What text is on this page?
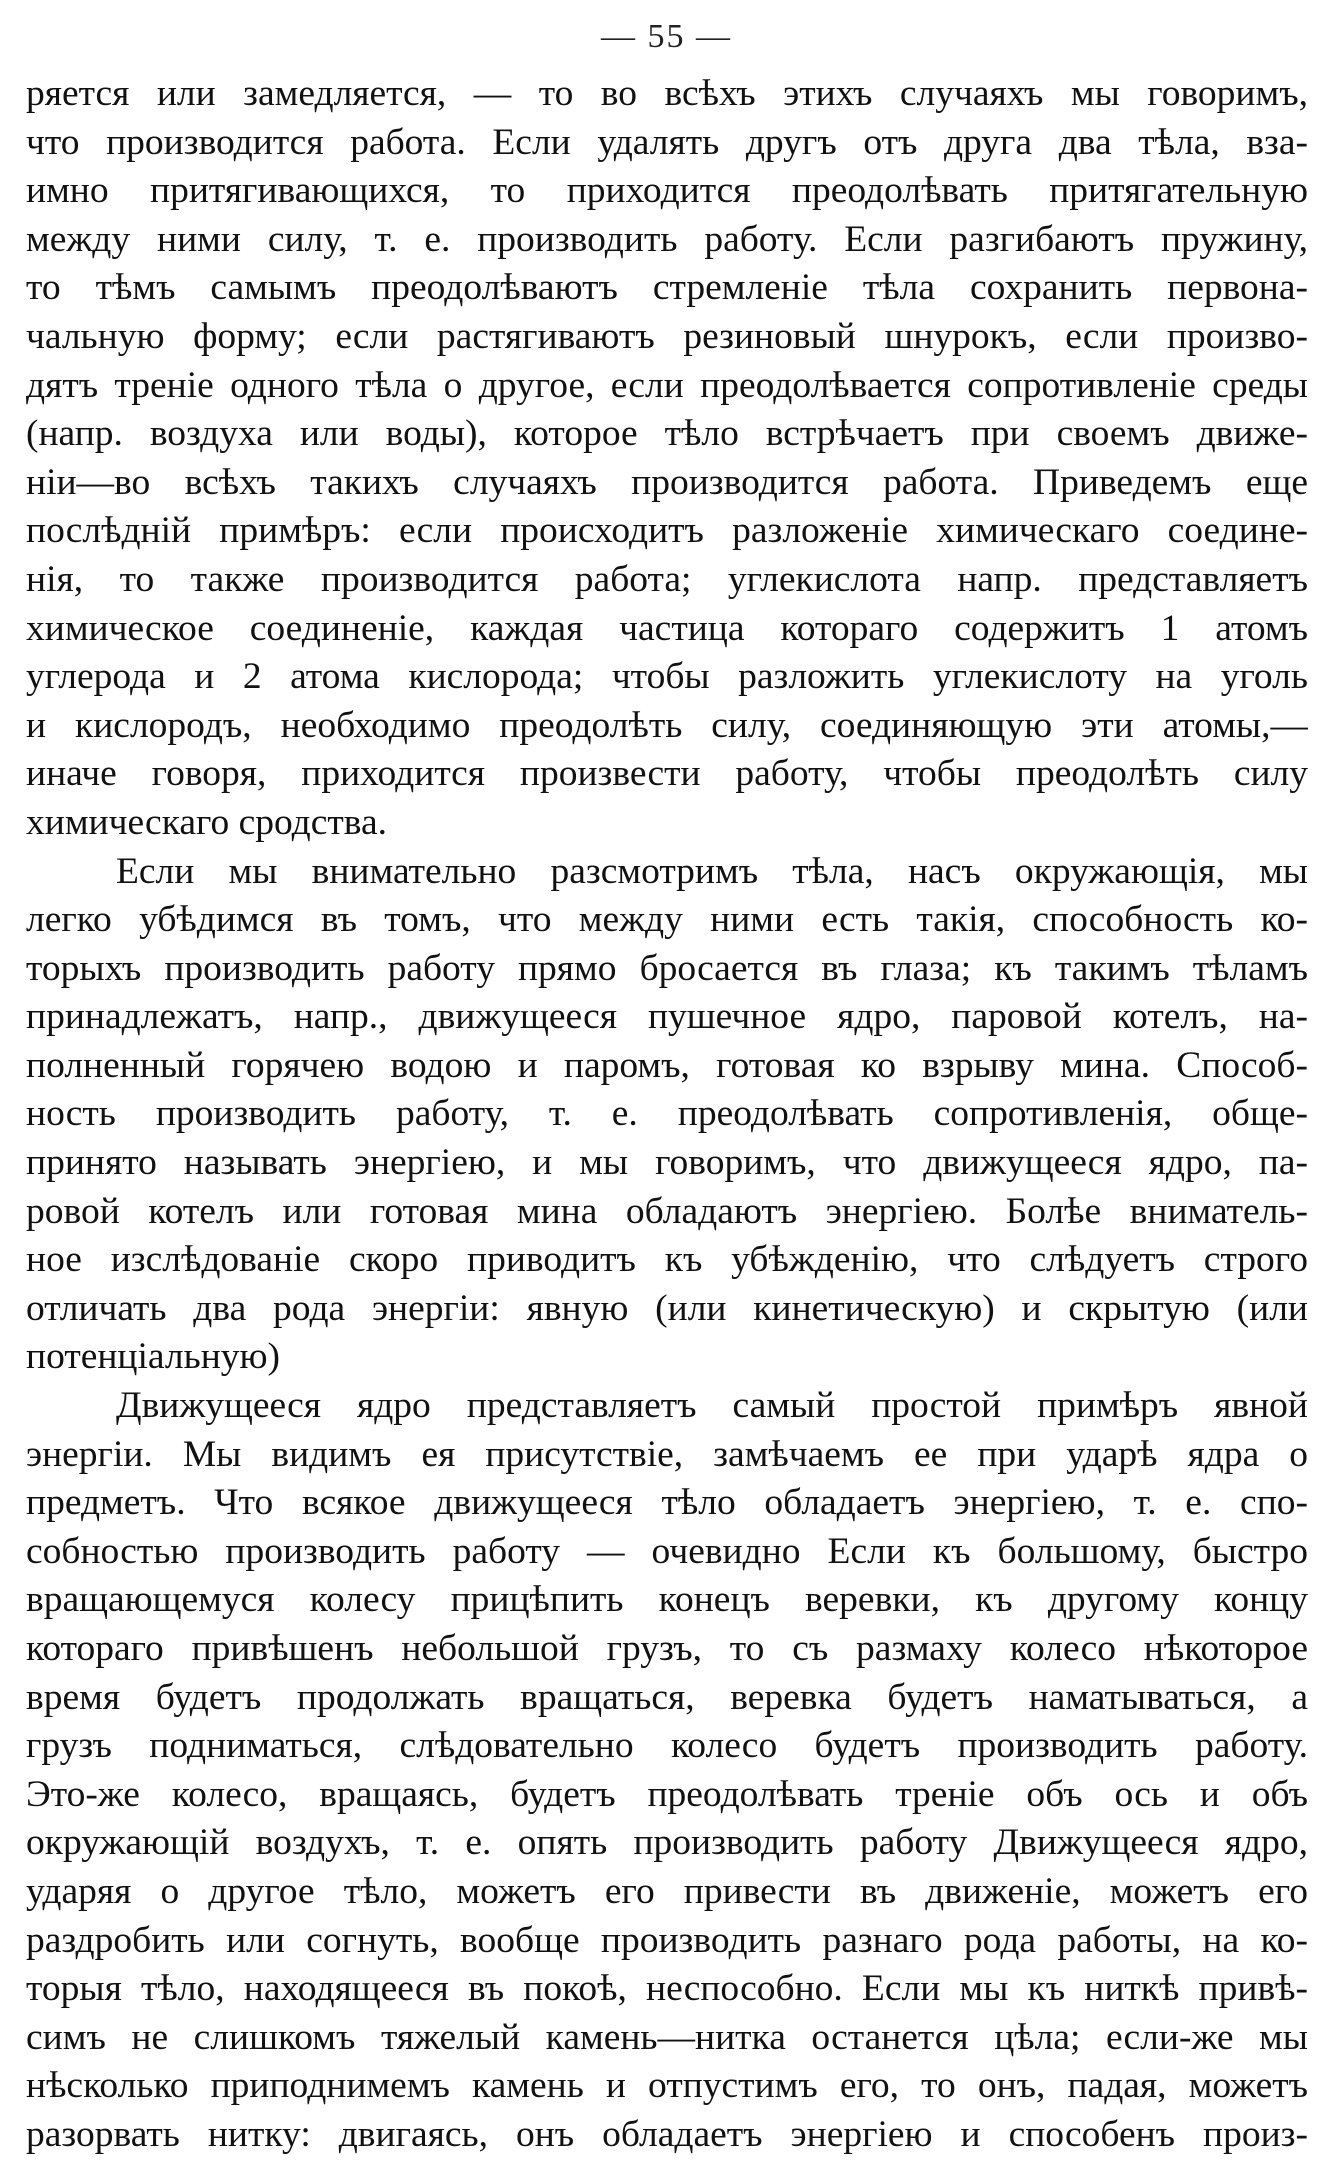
— 55 —
ряется или замедляется, — то во всѣхъ этихъ случаяхъ мы говоримъ,
что производится работа. Если удалять другъ отъ друга два тѣла, вза-
имно притягивающихся, то приходится преодолѣвать притягательную
между ними силу, т. е. производить работу. Если разгибаютъ пружину,
то тѣмъ самымъ преодолѣваютъ стремленіе тѣла сохранить первона-
чальную форму; если растягиваютъ резиновый шнурокъ, если произво-
дятъ треніе одного тѣла о другое, если преодолѣвается сопротивленіе среды
(напр. воздуха или воды), которое тѣло встрѣчаетъ при своемъ движе-
ніи—во всѣхъ такихъ случаяхъ производится работа. Приведемъ еще
послѣдній примѣръ: если происходитъ разложеніе химическаго соедине-
нія, то также производится работа; углекислота напр. представляетъ
химическое соединеніе, каждая частица котораго содержитъ 1 атомъ
углерода и 2 атома кислорода; чтобы разложить углекислоту на уголь
и кислородъ, необходимо преодолѣть силу, соединяющую эти атомы,—
иначе говоря, приходится произвести работу, чтобы преодолѣть силу
химическаго сродства.
Если мы внимательно разсмотримъ тѣла, насъ окружающія, мы
легко убѣдимся въ томъ, что между ними есть такія, способность ко-
торыхъ производить работу прямо бросается въ глаза; къ такимъ тѣламъ
принадлежатъ, напр., движущееся пушечное ядро, паровой котелъ, на-
полненный горячею водою и паромъ, готовая ко взрыву мина. Способ-
ность производить работу, т. е. преодолѣвать сопротивленія, обще-
принято называть энергіею, и мы говоримъ, что движущееся ядро, па-
ровой котелъ или готовая мина обладаютъ энергіею. Болѣе вниматель-
ное изслѣдованіе скоро приводитъ къ убѣжденію, что слѣдуетъ строго
отличать два рода энергіи: явную (или кинетическую) и скрытую (или
потенціальную)
Движущееся ядро представляетъ самый простой примѣръ явной
энергіи. Мы видимъ ея присутствіе, замѣчаемъ ее при ударѣ ядра о
предметъ. Что всякое движущееся тѣло обладаетъ энергіею, т. е. спо-
собностью производить работу — очевидно Если къ большому, быстро
вращающемуся колесу прицѣпить конецъ веревки, къ другому концу
котораго привѣшенъ небольшой грузъ, то съ размаху колесо нѣкоторое
время будетъ продолжать вращаться, веревка будетъ наматываться, а
грузъ подниматься, слѣдовательно колесо будетъ производить работу.
Это-же колесо, вращаясь, будетъ преодолѣвать треніе объ ось и объ
окружающій воздухъ, т. е. опять производить работу Движущееся ядро,
ударяя о другое тѣло, можетъ его привести въ движеніе, можетъ его
раздробить или согнуть, вообще производить разнаго рода работы, на ко-
торыя тѣло, находящееся въ покоѣ, неспособно. Если мы къ ниткѣ привѣ-
симъ не слишкомъ тяжелый камень—нитка останется цѣла; если-же мы
нѣсколько приподнимемъ камень и отпустимъ его, то онъ, падая, можетъ
разорвать нитку: двигаясь, онъ обладаетъ энергіею и способенъ произ-
